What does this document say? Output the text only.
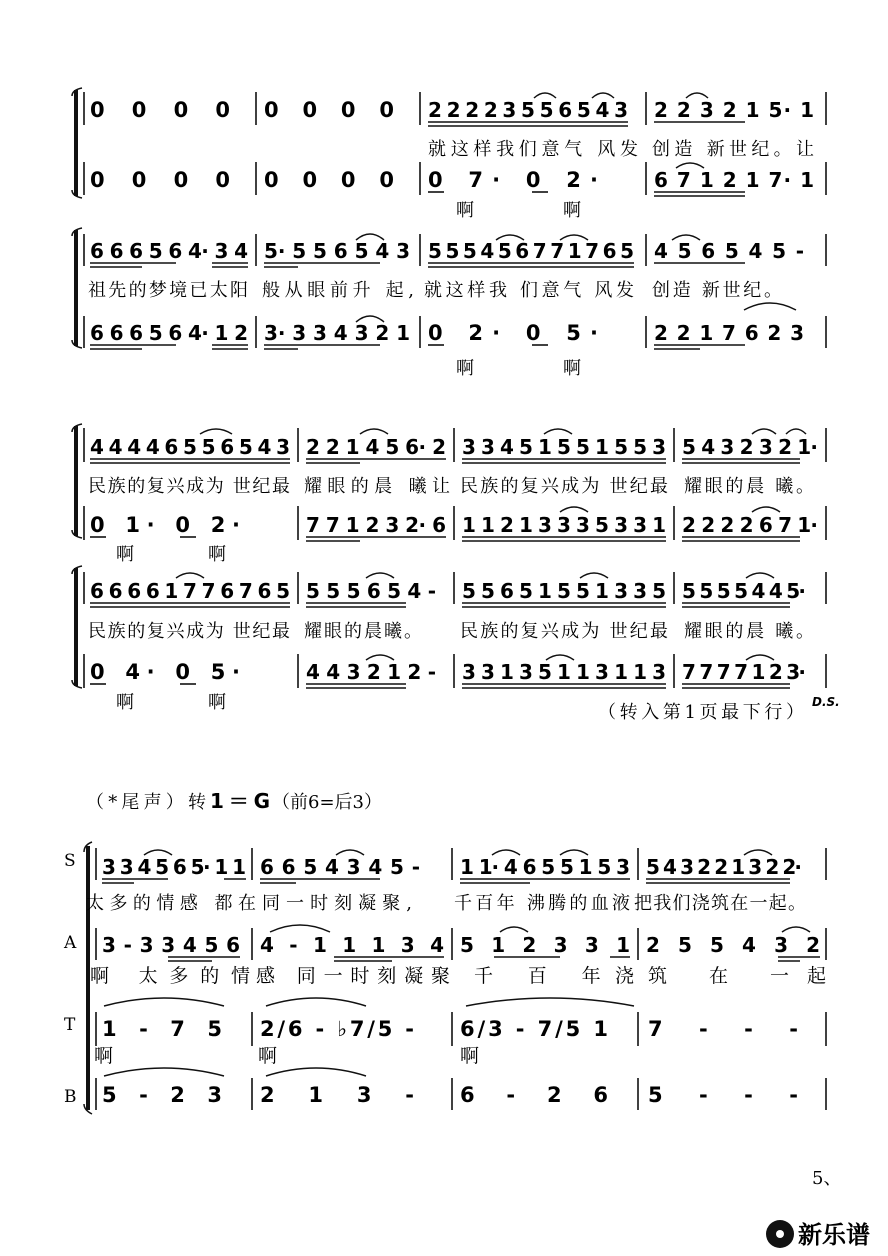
0 0 0 0 0 0 0 0 2 2 2 2 3 5 5 6 5 4 3 2 2 3 2 1 5· 1
就这样我们意气 风发 创造 新世纪。让
0 0 0 0 0 0 0 0 0 7· 0 2·	6 7 1 2 1 7· 1
啊 啊
6 6 6 5 6 4· 3 4 5· 5 5 6 5 4 3 5 5 5 4 5 6 7 7 1 7 6 5 4 5 6 5 4 5 -
祖先的梦境已太阳 般从眼前升 起, 就这样我 们意气 风发 创造 新世纪。
6 6 6 5 6 4· 1 2 3· 3 3 4 3 2 1 0 2· 0 5·	2 2 1 7 6 2 3
啊 啊
4 4 4 4 6 5 5 6 5 4 3 2 2 1 4 5 6· 2 3 3 4 5 1 5 5 1 5 5 3 5 4 3 2 3 2 1·
民族的复兴成为 世纪最 耀眼的晨 曦让 民族的复兴成为 世纪最 耀眼的晨 曦。
0 1· 0 2·	7 7 1 2 3 2· 6 1 1 2 1 3 3 3 5 3 3 1 2 2 2 2 6 7 1·
啊 啊
6 6 6 6 1 7 7 6 7 6 5 5 5 5 6 5 4 - 5 5 6 5 1 5 5 1 3 3 5 5 5 5 5 4 4 5·
民族的复兴成为 世纪最 耀眼的晨曦。 民族的复兴成为 世纪最 耀眼的晨 曦。
0 4· 0 5·	4 4 3 2 1 2 - 3 3 1 3 5 1 1 3 1 1 3 7 7 7 7 1 2 3·
啊 啊	（转入第1页最下行） D.S.
（*尾声）转 1＝G （前6=后3）
S 3 3 4 5 6 5· 1 1 6 6 5 4 3 4 5 - 1 1· 4 6 5 5 1 5 3 5 4 3 2 2 1 3 2 2·
太多的情感 都在 同一时刻凝聚, 千百年 沸腾的血液 把我们浇筑在一起。
A 3 - 3 3 4 5 6 4 - 1 1 1 3 4 5 1 2 3 3 1 2 5 5 4 3 2
啊 太多的情 感 同一时刻凝聚 千 百 年浇 筑 在 一起
T 1 - 7 5 2/6 - ♭7/5 - 6/3 - 7/5 1 7 - - -
啊	啊	啊
B 5 - 2 3 2 1 3 - 6 - 2 6 5 - - -
5、
新乐谱
